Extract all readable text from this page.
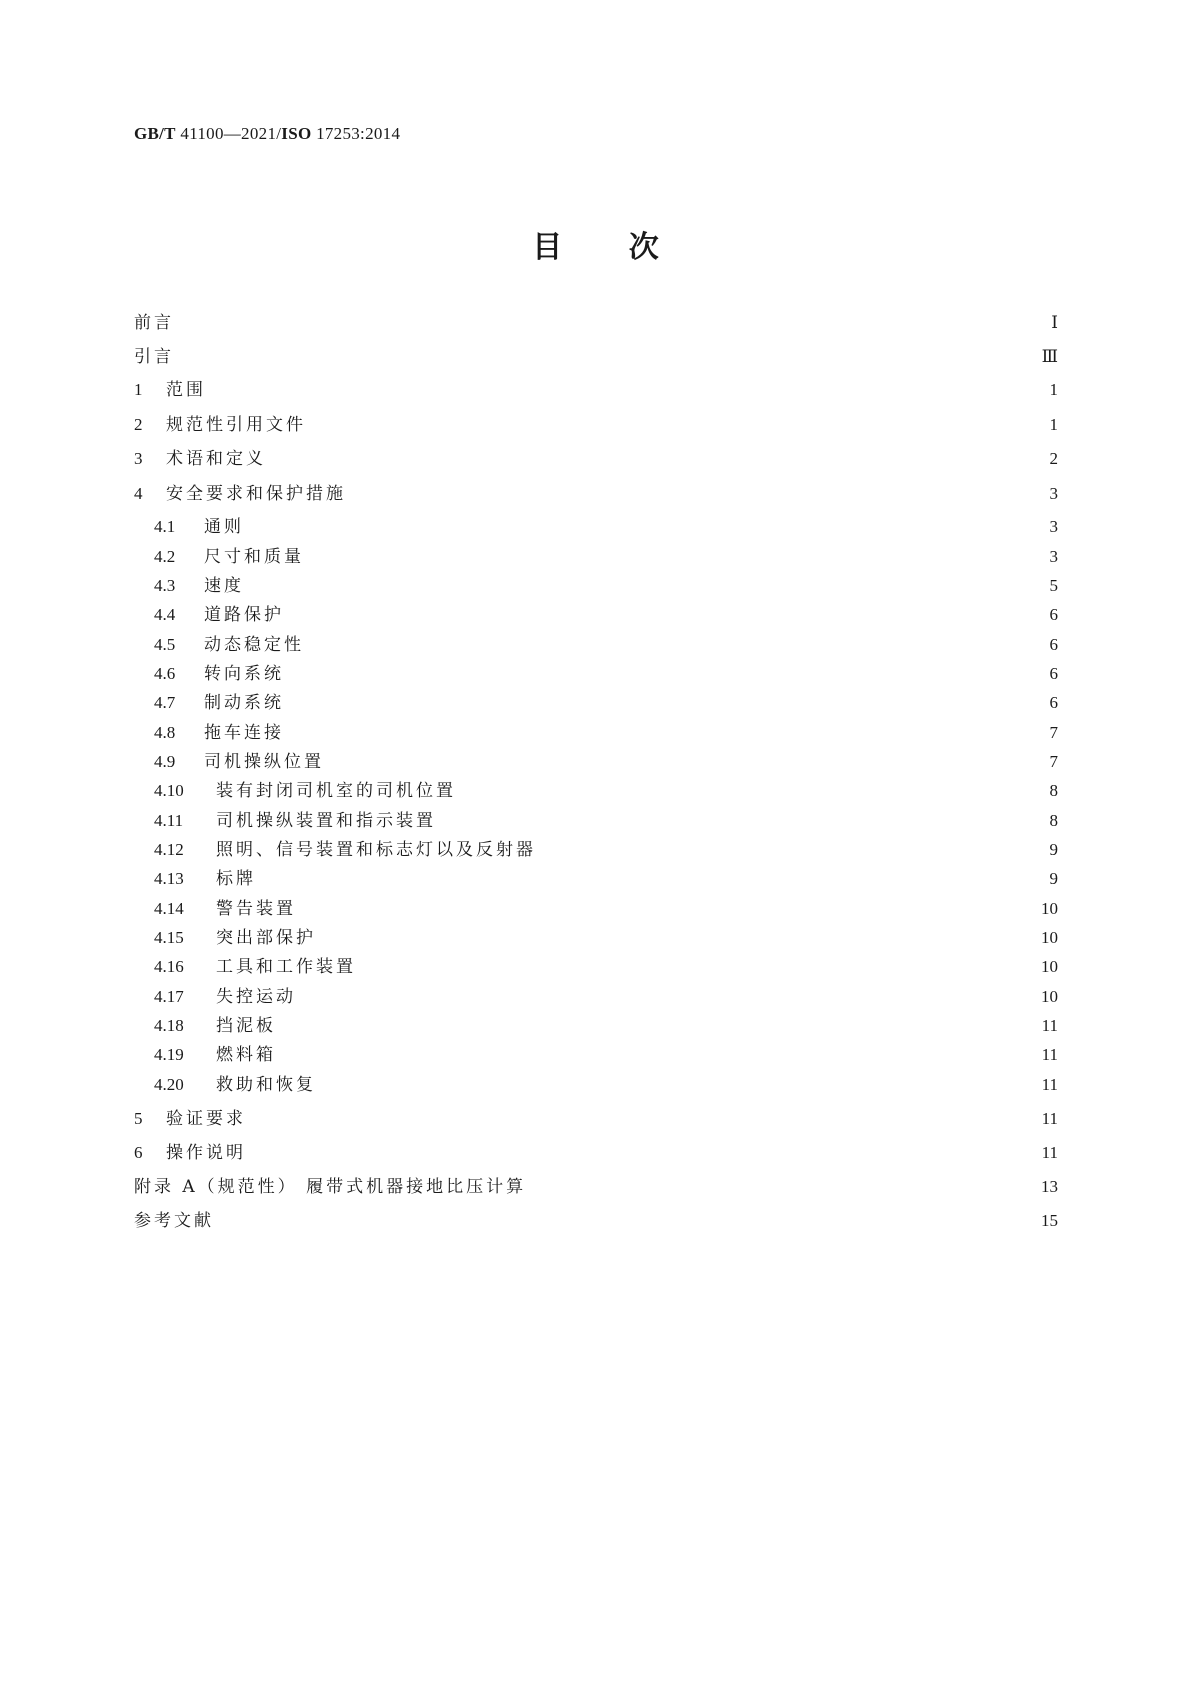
GB/T 41100—2021/ISO 17253:2014

目 次
前言	Ⅰ
引言	Ⅲ
1	范围	1
2	规范性引用文件	1
3	术语和定义	2
4	安全要求和保护措施	3
4.1	通则	3
4.2	尺寸和质量	3
4.3	速度	5
4.4	道路保护	6
4.5	动态稳定性	6
4.6	转向系统	6
4.7	制动系统	6
4.8	拖车连接	7
4.9	司机操纵位置	7
4.10	装有封闭司机室的司机位置	8
4.11	司机操纵装置和指示装置	8
4.12	照明、信号装置和标志灯以及反射器	9
4.13	标牌	9
4.14	警告装置	10
4.15	突出部保护	10
4.16	工具和工作装置	10
4.17	失控运动	10
4.18	挡泥板	11
4.19	燃料箱	11
4.20	救助和恢复	11
5	验证要求	11
6	操作说明	11
附录 A（规范性） 履带式机器接地比压计算	13
参考文献	15
